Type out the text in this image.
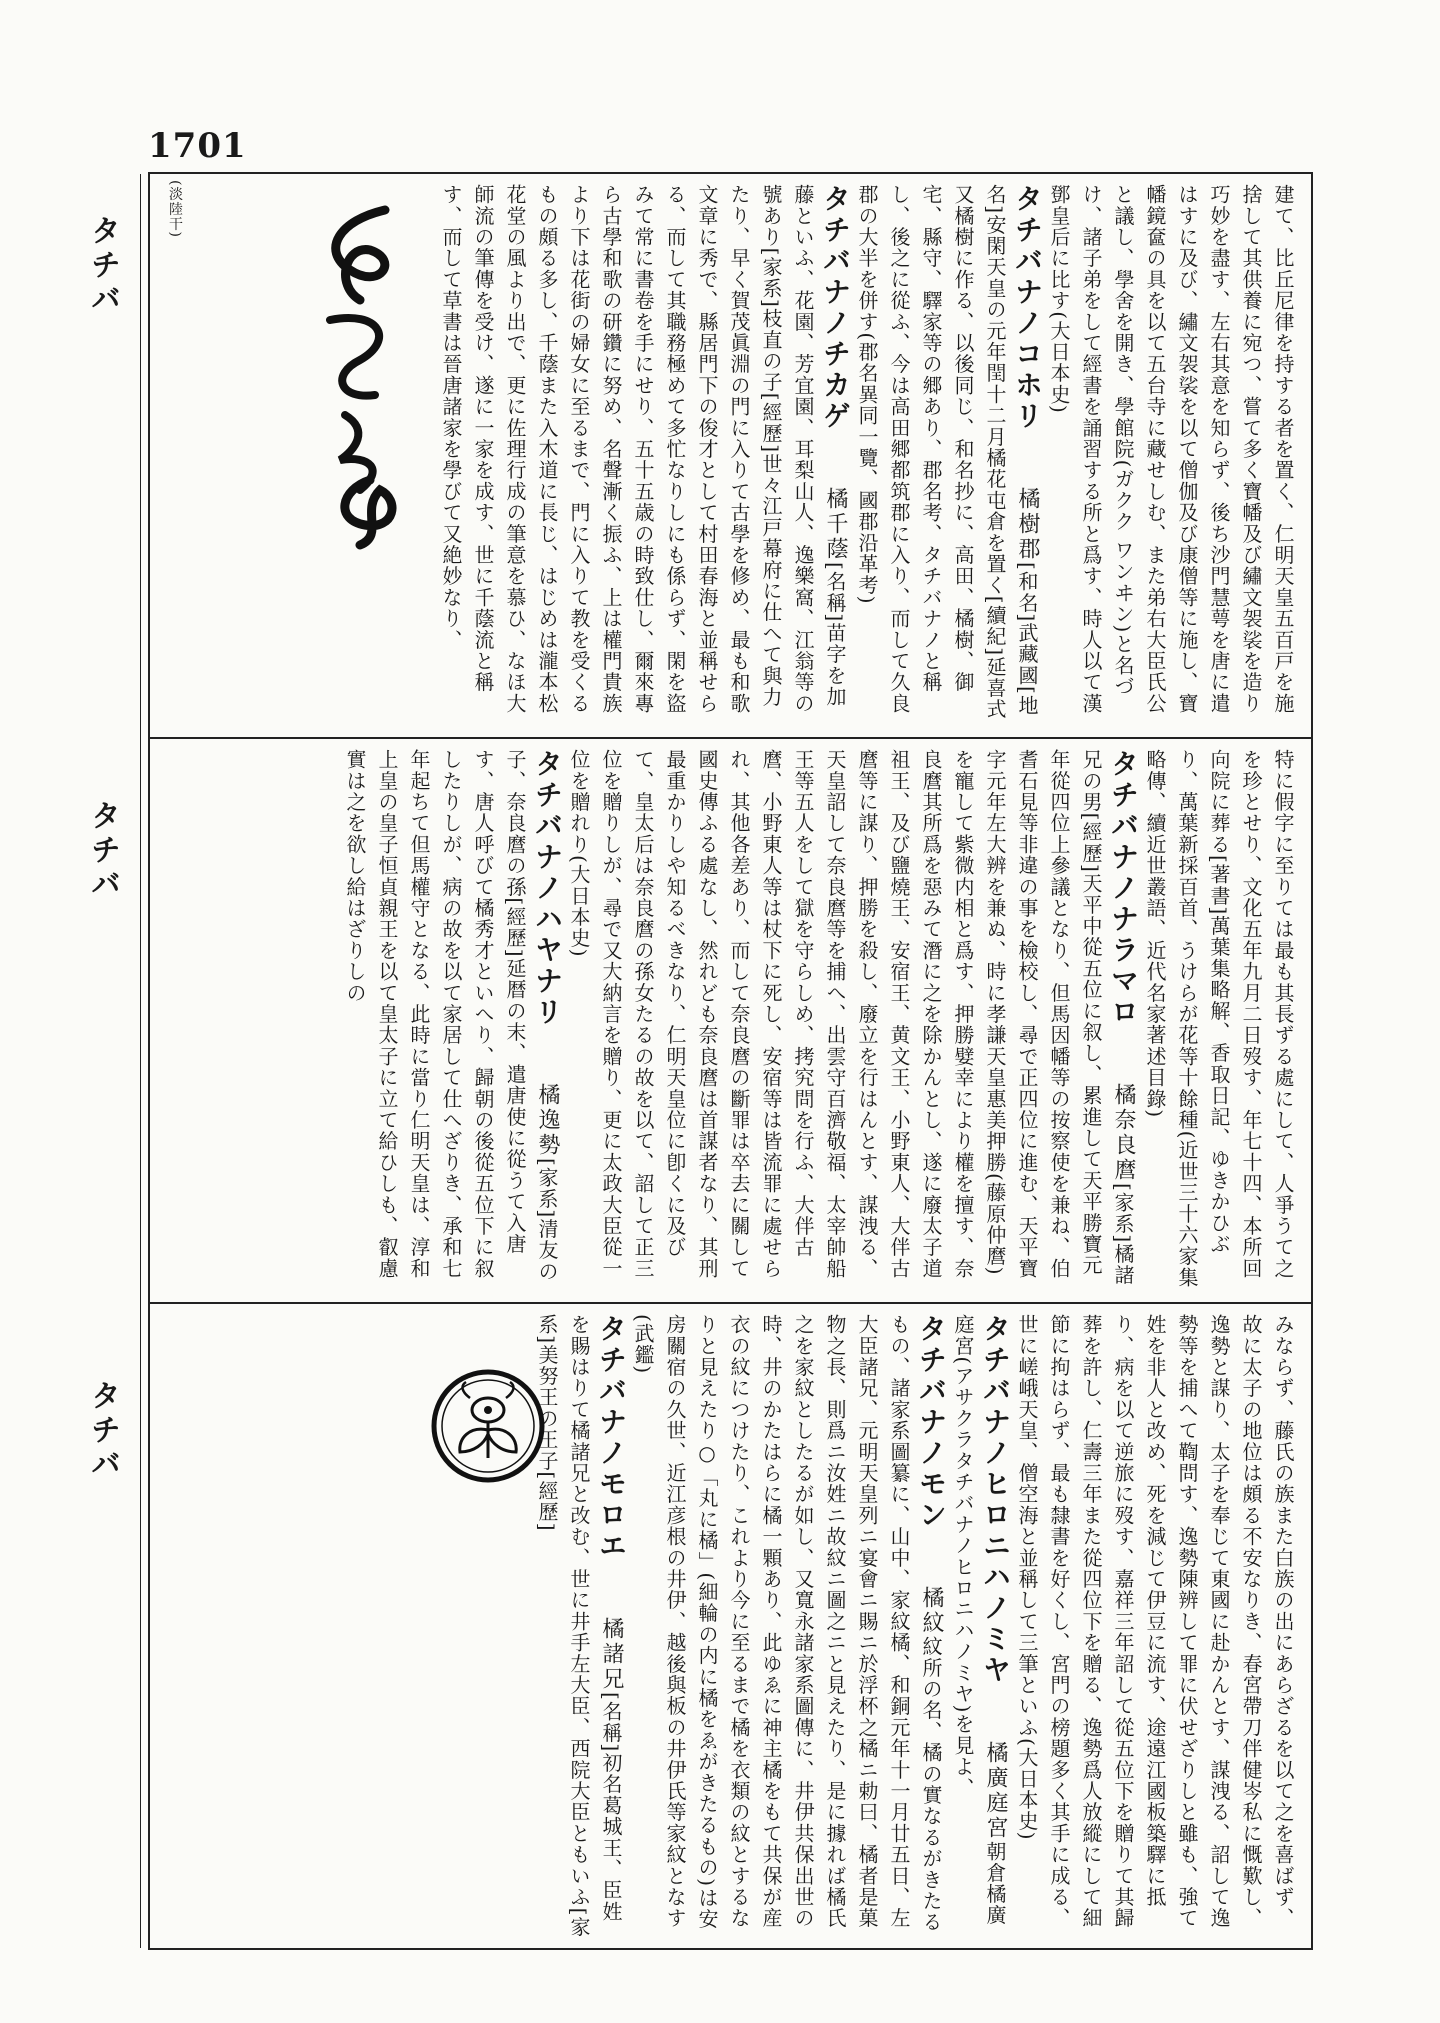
1701
タチバ
タチバ
タチバ

建て、比丘尼律を持する者を置く、仁明天皇五百戸を施捨して其供養に宛つ、嘗て多く寶幡及び繡文袈裟を造り巧妙を盡す、左右其意を知らず、後ち沙門慧萼を唐に遣はすに及び、繡文袈裟を以て僧伽及び康僧等に施し、寶幡鏡奩の具を以て五台寺に藏せしむ、また弟右大臣氏公と議し、學舍を開き、學館院(ガクク ワンヰン)と名づけ、諸子弟をして經書を誦習する所と爲す、時人以て漢鄧皇后に比す(大日本史)

タチバナノコホリ　橘樹郡[和名]武藏國[地名]安閑天皇の元年閏十二月橘花屯倉を置く[續紀]延喜式又橘樹に作る、以後同じ、和名抄に、高田、橘樹、御宅、縣守、驛家等の郷あり、郡名考、タチバナノと稱し、後之に從ふ、今は高田郷都筑郡に入り、而して久良郡の大半を併す(郡名異同一覽、國郡沿革考)

タチバナノチカゲ　橘千蔭[名稱]苗字を加藤といふ、花園、芳宜園、耳梨山人、逸樂窩、江翁等の號あり[家系]枝直の子[經歷]世々江戸幕府に仕へて與力たり、早く賀茂眞淵の門に入りて古學を修め、最も和歌文章に秀で、縣居門下の俊才として村田春海と並稱せらる、而して其職務極めて多忙なりしにも係らず、閑を盜みて常に書卷を手にせり、五十五歳の時致仕し、爾來專ら古學和歌の研鑽に努め、名聲漸く振ふ、上は權門貴族より下は花街の婦女に至るまで、門に入りて教を受くるもの頗る多し、千蔭また入木道に長じ、はじめは瀧本松花堂の風より出で、更に佐理行成の筆意を慕ひ、なほ大師流の筆傳を受け、遂に一家を成す、世に千蔭流と稱す、而して草書は晉唐諸家を學びて又絶妙なり、

特に假字に至りては最も其長ずる處にして、人爭うて之を珍とせり、文化五年九月二日歿す、年七十四、本所回向院に葬る[著書]萬葉集略解、香取日記、ゆきかひぶり、萬葉新採百首、うけらが花等十餘種(近世三十六家集略傳、續近世叢語、近代名家著述目錄)

タチバナノナラマロ　橘奈良麿[家系]橘諸兄の男[經歷]天平中從五位に叙し、累進して天平勝寶元年從四位上參議となり、但馬因幡等の按察使を兼ね、伯耆石見等非違の事を檢校し、尋で正四位に進む、天平寶字元年左大辨を兼ぬ、時に孝謙天皇惠美押勝(藤原仲麿)を寵して紫微内相と爲す、押勝嬖幸により權を擅す、奈良麿其所爲を惡みて潛に之を除かんとし、遂に廢太子道祖王、及び鹽燒王、安宿王、黄文王、小野東人、大伴古麿等に謀り、押勝を殺し、廢立を行はんとす、謀洩る、天皇詔して奈良麿等を捕へ、出雲守百濟敬福、太宰帥船王等五人をして獄を守らしめ、拷究問を行ふ、大伴古麿、小野東人等は杖下に死し、安宿等は皆流罪に處せられ、其他各差あり、而して奈良麿の斷罪は卒去に關して國史傳ふる處なし、然れども奈良麿は首謀者なり、其刑最重かりしや知るべきなり、仁明天皇位に卽くに及びて、皇太后は奈良麿の孫女たるの故を以て、詔して正三位を贈りしが、尋で又大納言を贈り、更に太政大臣從一位を贈れり(大日本史)

タチバナノハヤナリ　橘逸勢[家系]清友の子、奈良麿の孫[經歷]延暦の末、遣唐使に從うて入唐す、唐人呼びて橘秀才といへり、歸朝の後從五位下に叙したりしが、病の故を以て家居して仕へざりき、承和七年起ちて但馬權守となる、此時に當り仁明天皇は、淳和上皇の皇子恒貞親王を以て皇太子に立て給ひしも、叡慮實は之を欲し給はざりしの

みならず、藤氏の族また白族の出にあらざるを以て之を喜ばず、故に太子の地位は頗る不安なりき、春宮帶刀伴健岑私に慨歎し、逸勢と謀り、太子を奉じて東國に赴かんとす、謀洩る、詔して逸勢等を捕へて鞫問す、逸勢陳辨して罪に伏せざりしと雖も、強て姓を非人と改め、死を減じて伊豆に流す、途遠江國板築驛に抵り、病を以て逆旅に歿す、嘉祥三年詔して從五位下を贈りて其歸葬を許し、仁壽三年また從四位下を贈る、逸勢爲人放縱にして細節に拘はらず、最も隸書を好くし、宮門の榜題多く其手に成る、世に嵯峨天皇、僧空海と並稱して三筆といふ(大日本史)

タチバナノヒロニハノミヤ　橘廣庭宮朝倉橘廣庭宮(アサクラタチバナノヒロニハノミヤ)を見よ、

タチバナノモン　橘紋紋所の名、橘の實なるがきたるもの、諸家系圖纂に、山中、家紋橘、和銅元年十一月廿五日、左大臣諸兄、元明天皇列ニ宴會ニ賜ニ於浮杯之橘ニ勅曰、橘者是菓物之長、則爲ニ汝姓ニ故紋ニ圖之ニと見えたり、是に據れば橘氏之を家紋としたるが如し、又寬永諸家系圖傳に、井伊共保出世の時、井のかたはらに橘一顆あり、此ゆゑに神主橘をもて共保が産衣の紋につけたり、これより今に至るまで橘を衣類の紋とするなりと見えたり○「丸に橘」(細輪の内に橘をゑがきたるもの)は安房關宿の久世、近江彦根の井伊、越後與板の井伊氏等家紋となす(武鑑)

タチバナノモロエ　橘諸兄[名稱]初名葛城王、臣姓を賜はりて橘諸兄と改む、世に井手左大臣、西院大臣ともいふ[家系]美努王の王子[經歷]

(淡陸干)
